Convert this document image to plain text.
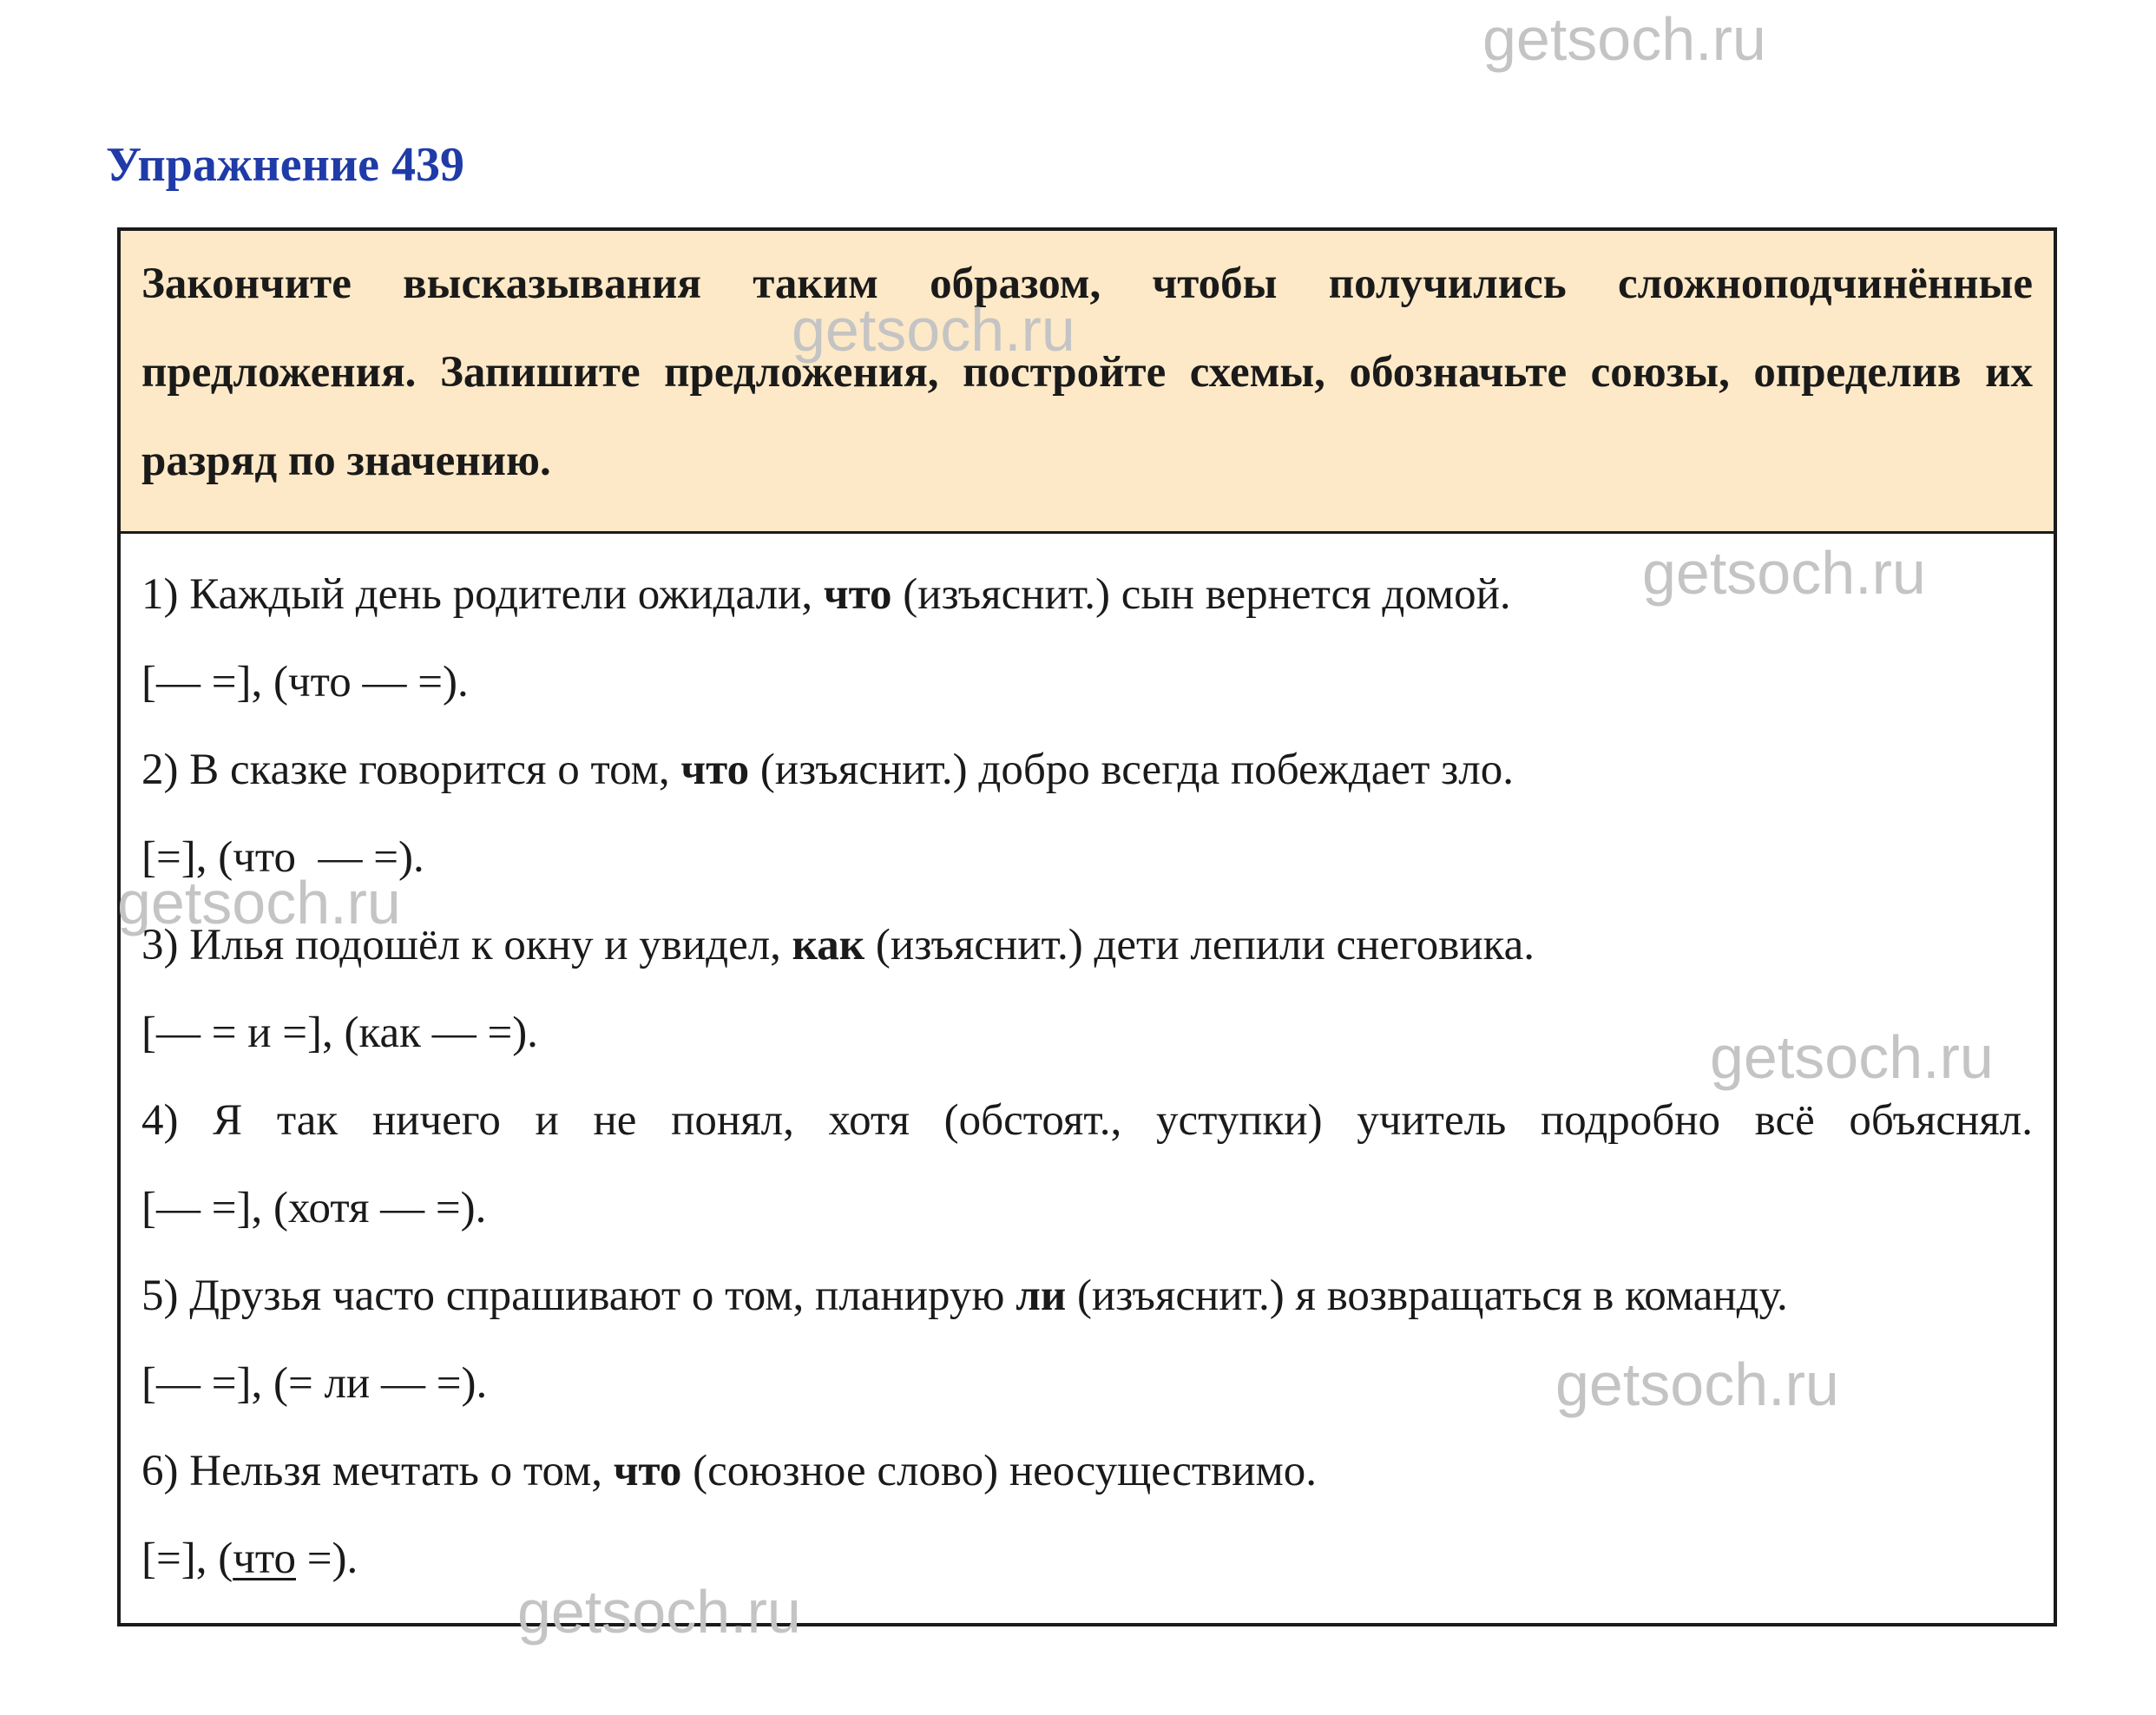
getsoch.ru
getsoch.ru
getsoch.ru
getsoch.ru
getsoch.ru
getsoch.ru
getsoch.ru
Упражнение 439

Закончите высказывания таким образом, чтобы получились сложноподчинённые предложения. Запишите предложения, постройте схемы, обозначьте союзы, определив их разряд по значению.

1) Каждый день родители ожидали, что (изъяснит.) сын вернется домой.

[— =], (что — =).

2) В сказке говорится о том, что (изъяснит.) добро всегда побеждает зло.

[=], (что  — =).

3) Илья подошёл к окну и увидел, как (изъяснит.) дети лепили снеговика.

[— = и =], (как — =).

4) Я так ничего и не понял, хотя (обстоят., уступки) учитель подробно всё объяснял.

[— =], (хотя — =).

5) Друзья часто спрашивают о том, планирую ли (изъяснит.) я возвращаться в команду.

[— =], (= ли — =).

6) Нельзя мечтать о том, что (союзное слово) неосуществимо.

[=], (что =).
